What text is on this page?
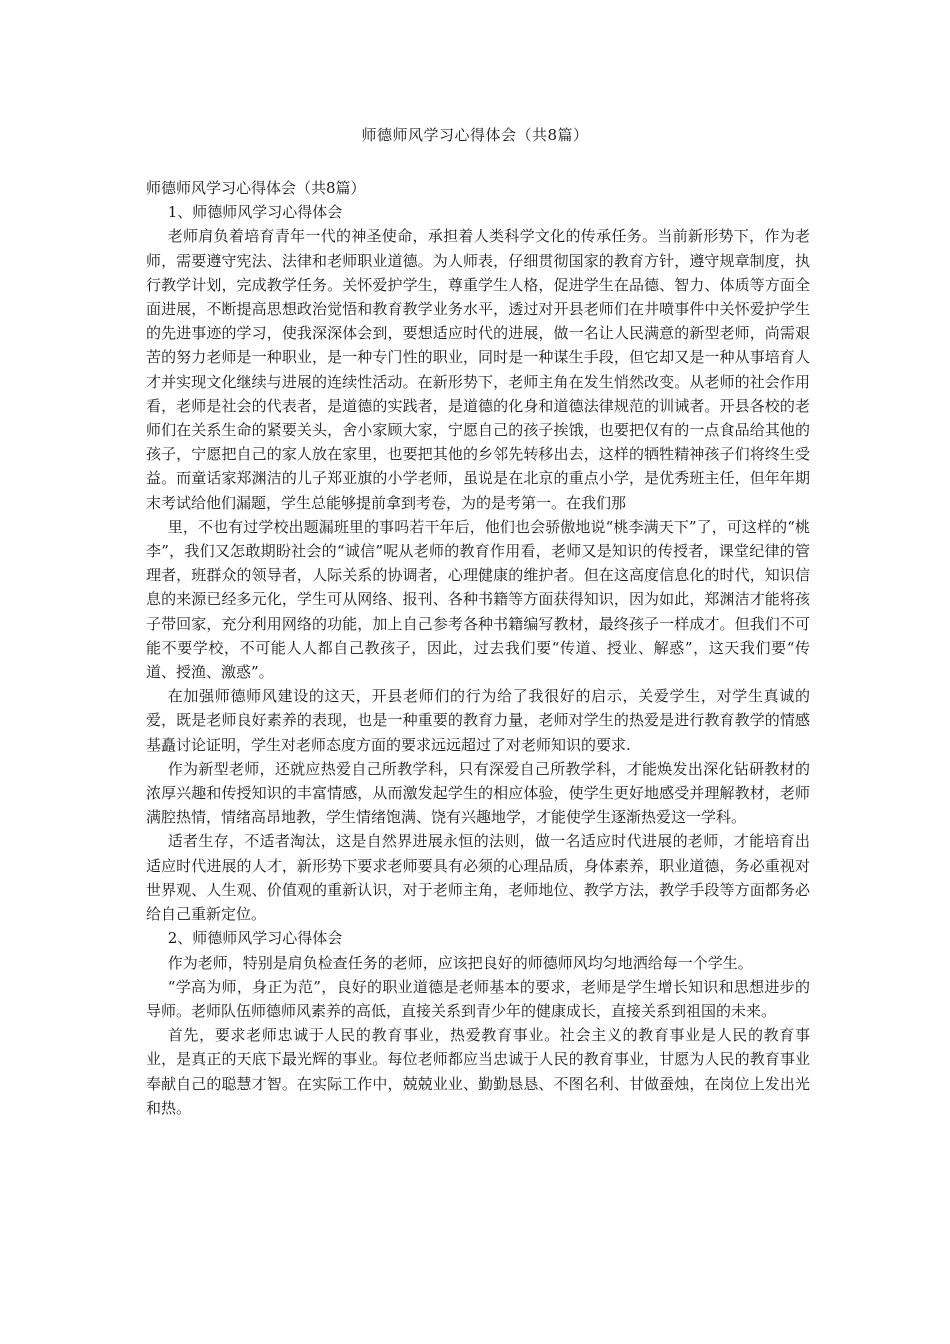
师德师风学习心得体会（共8篇）

师德师风学习心得体会（共8篇）

1、师德师风学习心得体会

老师肩负着培育青年一代的神圣使命，承担着人类科学文化的传承任务。当前新形势下，作为老师，需要遵守宪法、法律和老师职业道德。为人师表，仔细贯彻国家的教育方针，遵守规章制度，执行教学计划，完成教学任务。关怀爱护学生，尊重学生人格，促进学生在品德、智力、体质等方面全面进展，不断提高思想政治觉悟和教育教学业务水平，透过对开县老师们在井喷事件中关怀爱护学生的先进事迹的学习，使我深深体会到，要想适应时代的进展，做一名让人民满意的新型老师，尚需艰苦的努力老师是一种职业，是一种专门性的职业，同时是一种谋生手段，但它却又是一种从事培育人才并实现文化继续与进展的连续性活动。在新形势下，老师主角在发生悄然改变。从老师的社会作用看，老师是社会的代表者，是道德的实践者，是道德的化身和道德法律规范的训诫者。开县各校的老师们在关系生命的紧要关头，舍小家顾大家，宁愿自己的孩子挨饿，也要把仅有的一点食品给其他的孩子，宁愿把自己的家人放在家里，也要把其他的乡邻先转移出去，这样的牺牲精神孩子们将终生受益。而童话家郑渊洁的儿子郑亚旗的小学老师，虽说是在北京的重点小学，是优秀班主任，但年年期末考试给他们漏题，学生总能够提前拿到考卷，为的是考第一。在我们那

里，不也有过学校出题漏班里的事吗若干年后，他们也会骄傲地说“桃李满天下”了，可这样的“桃李”，我们又怎敢期盼社会的“诚信”呢从老师的教育作用看，老师又是知识的传授者，课堂纪律的管理者，班群众的领导者，人际关系的协调者，心理健康的维护者。但在这高度信息化的时代，知识信息的来源已经多元化，学生可从网络、报刊、各种书籍等方面获得知识，因为如此，郑渊洁才能将孩子带回家，充分利用网络的功能，加上自己参考各种书籍编写教材，最终孩子一样成才。但我们不可能不要学校，不可能人人都自己教孩子，因此，过去我们要“传道、授业、解惑”，这天我们要“传道、授渔、激惑”。

在加强师德师风建设的这天，开县老师们的行为给了我很好的启示，关爱学生，对学生真诚的爱，既是老师良好素养的表现，也是一种重要的教育力量，老师对学生的热爱是进行教育教学的情感基矗讨论证明，学生对老师态度方面的要求远远超过了对老师知识的要求.

作为新型老师，还就应热爱自己所教学科，只有深爱自己所教学科，才能焕发出深化钻研教材的浓厚兴趣和传授知识的丰富情感，从而激发起学生的相应体验，使学生更好地感受并理解教材，老师满腔热情，情绪高昂地教，学生情绪饱满、饶有兴趣地学，才能使学生逐渐热爱这一学科。

适者生存，不适者淘汰，这是自然界进展永恒的法则，做一名适应时代进展的老师，才能培育出适应时代进展的人才，新形势下要求老师要具有必须的心理品质，身体素养，职业道德，务必重视对世界观、人生观、价值观的重新认识，对于老师主角，老师地位、教学方法，教学手段等方面都务必给自己重新定位。

2、师德师风学习心得体会

作为老师，特别是肩负检查任务的老师，应该把良好的师德师风均匀地洒给每一个学生。

“学高为师，身正为范”，良好的职业道德是老师基本的要求，老师是学生增长知识和思想进步的导师。老师队伍师德师风素养的高低，直接关系到青少年的健康成长，直接关系到祖国的未来。

首先，要求老师忠诚于人民的教育事业，热爱教育事业。社会主义的教育事业是人民的教育事业，是真正的天底下最光辉的事业。每位老师都应当忠诚于人民的教育事业，甘愿为人民的教育事业奉献自己的聪慧才智。在实际工作中，兢兢业业、勤勤恳恳、不图名利、甘做蚕烛，在岗位上发出光和热。
